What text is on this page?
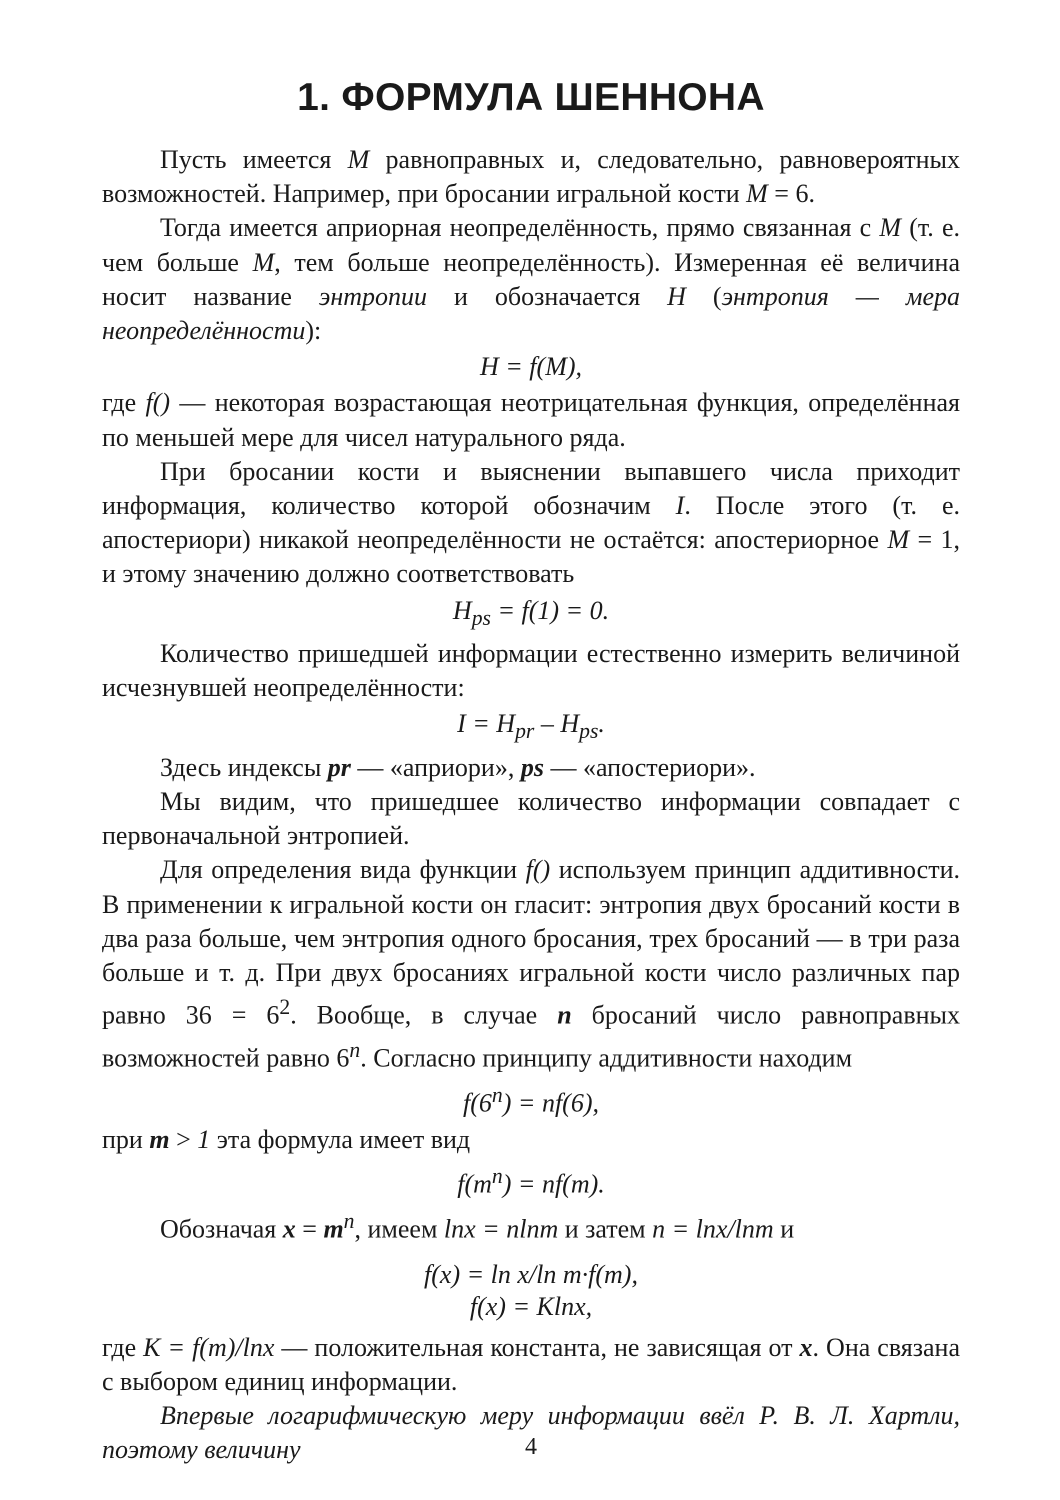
1. ФОРМУЛА ШЕННОНА

Пусть имеется M равноправных и, следовательно, равновероятных возможностей. Например, при бросании игральной кости M = 6.

Тогда имеется априорная неопределённость, прямо связанная с M (т. е. чем больше M, тем больше неопределённость). Измеренная её величина носит название энтропии и обозначается H (энтропия — мера неопределённости):

H = f(M),

где f() — некоторая возрастающая неотрицательная функция, определённая по меньшей мере для чисел натурального ряда.

При бросании кости и выяснении выпавшего числа приходит информация, количество которой обозначим I. После этого (т. е. апостериори) никакой неопределённости не остаётся: апостериорное M = 1, и этому значению должно соответствовать

$H_{ps} = f(1) = 0$.

Количество пришедшей информации естественно измерить величиной исчезнувшей неопределённости:

$I = H_{pr} - H_{ps}$.

Здесь индексы pr — «априори», ps — «апостериори».

Мы видим, что пришедшее количество информации совпадает с первоначальной энтропией.

Для определения вида функции f() используем принцип аддитивности. В применении к игральной кости он гласит: энтропия двух бросаний кости в два раза больше, чем энтропия одного бросания, трех бросаний — в три раза больше и т. д. При двух бросаниях игральной кости число различных пар равно $36 = 6^2$. Вообще, в случае n бросаний число равноправных возможностей равно 6$^n$. Согласно принципу аддитивности находим

$f(6^n) = nf(6)$,

при m > 1 эта формула имеет вид

$f(m^n) = nf(m)$.

Обозначая $x = m^n$, имеем lnx = nlnm и затем n = lnx/lnm и

f(x) = ln x/ln m·f(m),
f(x) = Klnx,

где K = f(m)/lnx — положительная константа, не зависящая от x. Она связана с выбором единиц информации.

Впервые логарифмическую меру информации ввёл Р. В. Л. Хартли, поэтому величину	4
